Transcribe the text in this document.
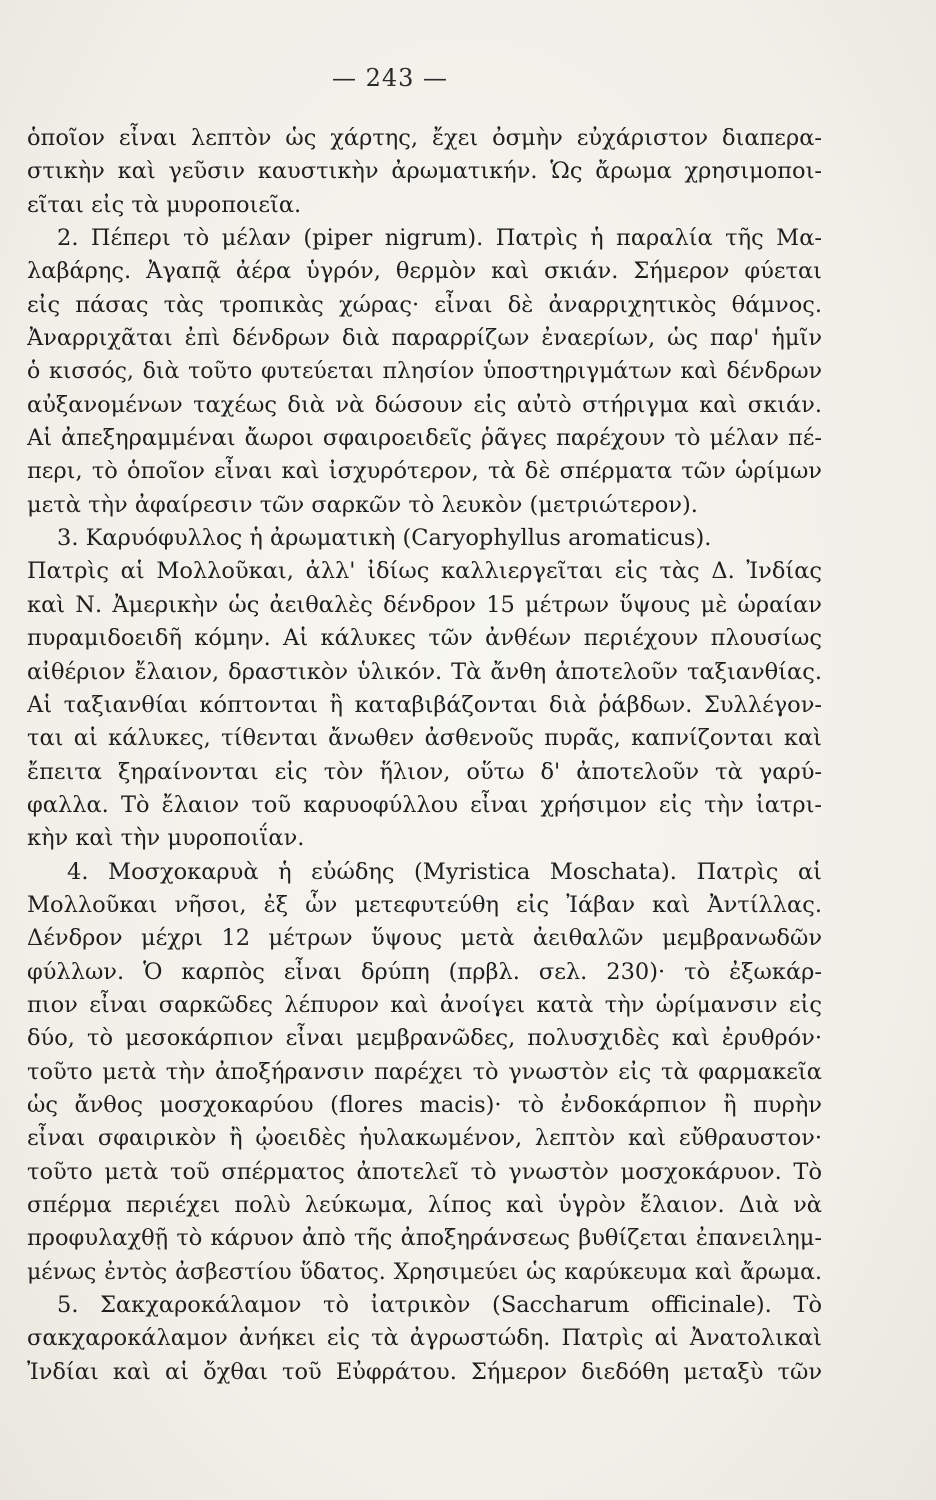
— 243 —
ὁποῖον εἶναι λεπτὸν ὡς χάρτης, ἔχει ὀσμὴν εὐχάριστον διαπερα-
στικὴν καὶ γεῦσιν καυστικὴν ἀρωματικήν. Ὡς ἄρωμα χρησιμοποι-
εῖται εἰς τὰ μυροποιεῖα.
2. Πέπερι τὸ μέλαν (piper nigrum). Πατρὶς ἡ παραλία τῆς Μα-
λαβάρης. Ἀγαπᾷ ἀέρα ὑγρόν, θερμὸν καὶ σκιάν. Σήμερον φύεται
εἰς πάσας τὰς τροπικὰς χώρας· εἶναι δὲ ἀναρριχητικὸς θάμνος.
Ἀναρριχᾶται ἐπὶ δένδρων διὰ παραρρίζων ἐναερίων, ὡς παρ' ἡμῖν
ὁ κισσός, διὰ τοῦτο φυτεύεται πλησίον ὑποστηριγμάτων καὶ δένδρων
αὐξανομένων ταχέως διὰ νὰ δώσουν εἰς αὐτὸ στήριγμα καὶ σκιάν.
Αἱ ἀπεξηραμμέναι ἄωροι σφαιροειδεῖς ῥᾶγες παρέχουν τὸ μέλαν πέ-
περι, τὸ ὁποῖον εἶναι καὶ ἰσχυρότερον, τὰ δὲ σπέρματα τῶν ὡρίμων
μετὰ τὴν ἀφαίρεσιν τῶν σαρκῶν τὸ λευκὸν (μετριώτερον).
3. Καρυόφυλλος ἡ ἀρωματικὴ (Caryophyllus aromaticus).
Πατρὶς αἱ Μολλοῦκαι, ἀλλ' ἰδίως καλλιεργεῖται εἰς τὰς Δ. Ἰνδίας
καὶ Ν. Ἀμερικὴν ὡς ἀειθαλὲς δένδρον 15 μέτρων ὕψους μὲ ὡραίαν
πυραμιδοειδῆ κόμην. Αἱ κάλυκες τῶν ἀνθέων περιέχουν πλουσίως
αἰθέριον ἔλαιον, δραστικὸν ὑλικόν. Τὰ ἄνθη ἀποτελοῦν ταξιανθίας.
Αἱ ταξιανθίαι κόπτονται ἢ καταβιβάζονται διὰ ῥάβδων. Συλλέγον-
ται αἱ κάλυκες, τίθενται ἄνωθεν ἀσθενοῦς πυρᾶς, καπνίζονται καὶ
ἔπειτα ξηραίνονται εἰς τὸν ἥλιον, οὕτω δ' ἀποτελοῦν τὰ γαρύ-
φαλλα. Τὸ ἔλαιον τοῦ καρυοφύλλου εἶναι χρήσιμον εἰς τὴν ἰατρι-
κὴν καὶ τὴν μυροποιΐαν.
4. Μοσχοκαρυὰ ἡ εὐώδης (Myristica Moschata). Πατρὶς αἱ
Μολλοῦκαι νῆσοι, ἐξ ὧν μετεφυτεύθη εἰς Ἰάβαν καὶ Ἀντίλλας.
Δένδρον μέχρι 12 μέτρων ὕψους μετὰ ἀειθαλῶν μεμβρανωδῶν
φύλλων. Ὁ καρπὸς εἶναι δρύπη (πρβλ. σελ. 230)· τὸ ἐξωκάρ-
πιον εἶναι σαρκῶδες λέπυρον καὶ ἀνοίγει κατὰ τὴν ὡρίμανσιν εἰς
δύο, τὸ μεσοκάρπιον εἶναι μεμβρανῶδες, πολυσχιδὲς καὶ ἐρυθρόν·
τοῦτο μετὰ τὴν ἀποξήρανσιν παρέχει τὸ γνωστὸν εἰς τὰ φαρμακεῖα
ὡς ἄνθος μοσχοκαρύου (flores macis)· τὸ ἐνδοκάρπιον ἢ πυρὴν
εἶναι σφαιρικὸν ἢ ᾠοειδὲς ἠυλακωμένον, λεπτὸν καὶ εὔθραυστον·
τοῦτο μετὰ τοῦ σπέρματος ἀποτελεῖ τὸ γνωστὸν μοσχοκάρυον. Τὸ
σπέρμα περιέχει πολὺ λεύκωμα, λίπος καὶ ὑγρὸν ἔλαιον. Διὰ νὰ
προφυλαχθῇ τὸ κάρυον ἀπὸ τῆς ἀποξηράνσεως βυθίζεται ἐπανειλημ-
μένως ἐντὸς ἀσβεστίου ὕδατος. Χρησιμεύει ὡς καρύκευμα καὶ ἄρωμα.
5. Σακχαροκάλαμον τὸ ἰατρικὸν (Saccharum officinale). Τὸ
σακχαροκάλαμον ἀνήκει εἰς τὰ ἀγρωστώδη. Πατρὶς αἱ Ἀνατολικαὶ
Ἰνδίαι καὶ αἱ ὄχθαι τοῦ Εὐφράτου. Σήμερον διεδόθη μεταξὺ τῶν
